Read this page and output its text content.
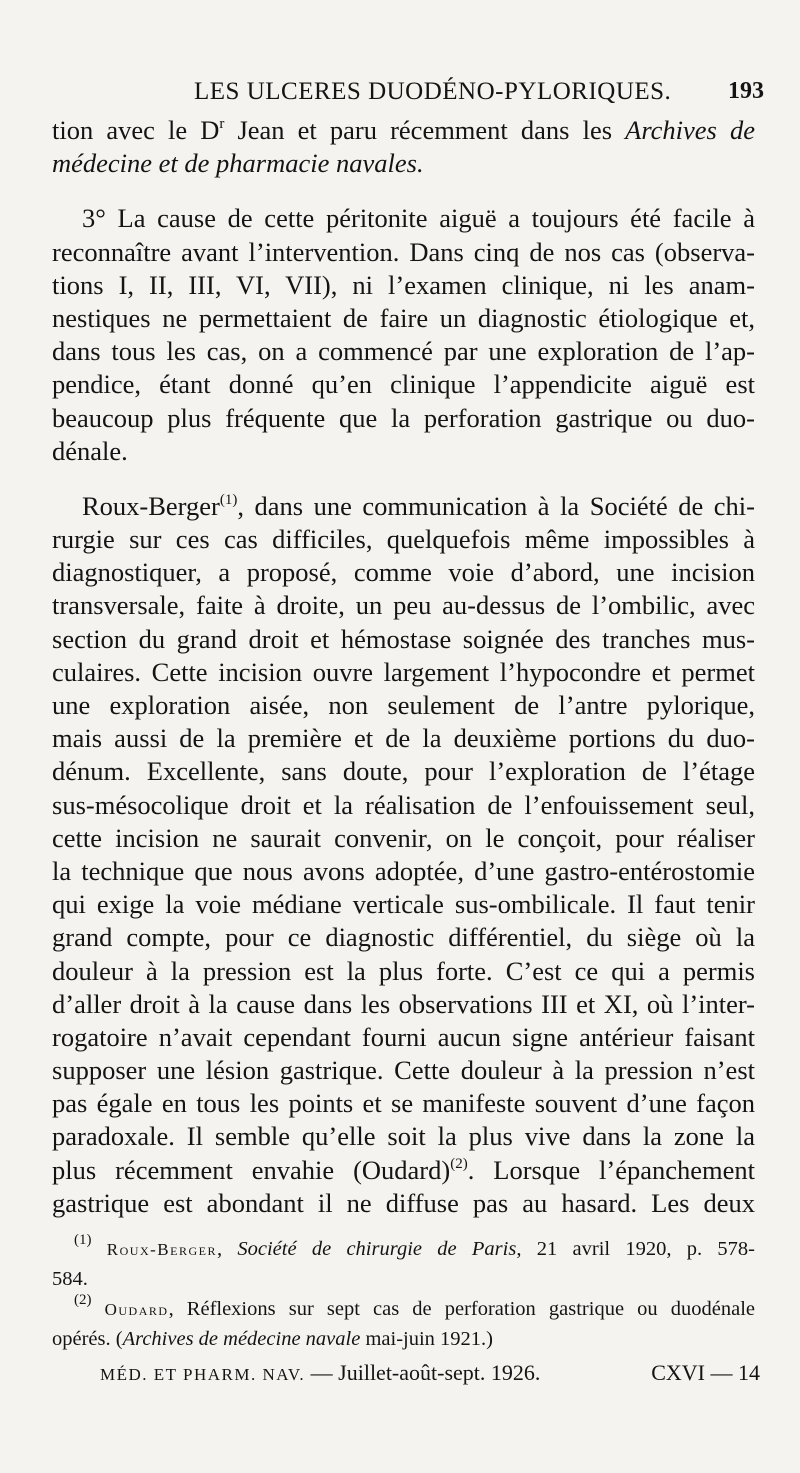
LES ULCERES DUODÉNO-PYLORIQUES. 193
tion avec le $D^r$ Jean et paru récemment dans les Archives de
médecine et de pharmacie navales.
3° La cause de cette péritonite aiguë a toujours été facile à
reconnaître avant l’intervention. Dans cinq de nos cas (observa-
tions I, II, III, VI, VII), ni l’examen clinique, ni les anam-
nestiques ne permettaient de faire un diagnostic étiologique et,
dans tous les cas, on a commencé par une exploration de l’ap-
pendice, étant donné qu’en clinique l’appendicite aiguë est
beaucoup plus fréquente que la perforation gastrique ou duo-
dénale.
Roux-Berger$^{(1)}$, dans une communication à la Société de chi-
rurgie sur ces cas difficiles, quelquefois même impossibles à
diagnostiquer, a proposé, comme voie d’abord, une incision
transversale, faite à droite, un peu au-dessus de l’ombilic, avec
section du grand droit et hémostase soignée des tranches mus-
culaires. Cette incision ouvre largement l’hypocondre et permet
une exploration aisée, non seulement de l’antre pylorique,
mais aussi de la première et de la deuxième portions du duo-
dénum. Excellente, sans doute, pour l’exploration de l’étage
sus-mésocolique droit et la réalisation de l’enfouissement seul,
cette incision ne saurait convenir, on le conçoit, pour réaliser
la technique que nous avons adoptée, d’une gastro-entérostomie
qui exige la voie médiane verticale sus-ombilicale. Il faut tenir
grand compte, pour ce diagnostic différentiel, du siège où la
douleur à la pression est la plus forte. C’est ce qui a permis
d’aller droit à la cause dans les observations III et XI, où l’inter-
rogatoire n’avait cependant fourni aucun signe antérieur faisant
supposer une lésion gastrique. Cette douleur à la pression n’est
pas égale en tous les points et se manifeste souvent d’une façon
paradoxale. Il semble qu’elle soit la plus vive dans la zone la
plus récemment envahie (Oudard)$^{(2)}$. Lorsque l’épanchement
gastrique est abondant il ne diffuse pas au hasard. Les deux
$^{(1)}$ Roux-Berger, Société de chirurgie de Paris, 21 avril 1920, p. 578-
584.
$^{(2)}$ Oudard, Réflexions sur sept cas de perforation gastrique ou duodénale
opérés. (Archives de médecine navale mai-juin 1921.)
MÉD. ET PHARM. NAV. — Juillet-août-sept. 1926.	CXVI — 14
